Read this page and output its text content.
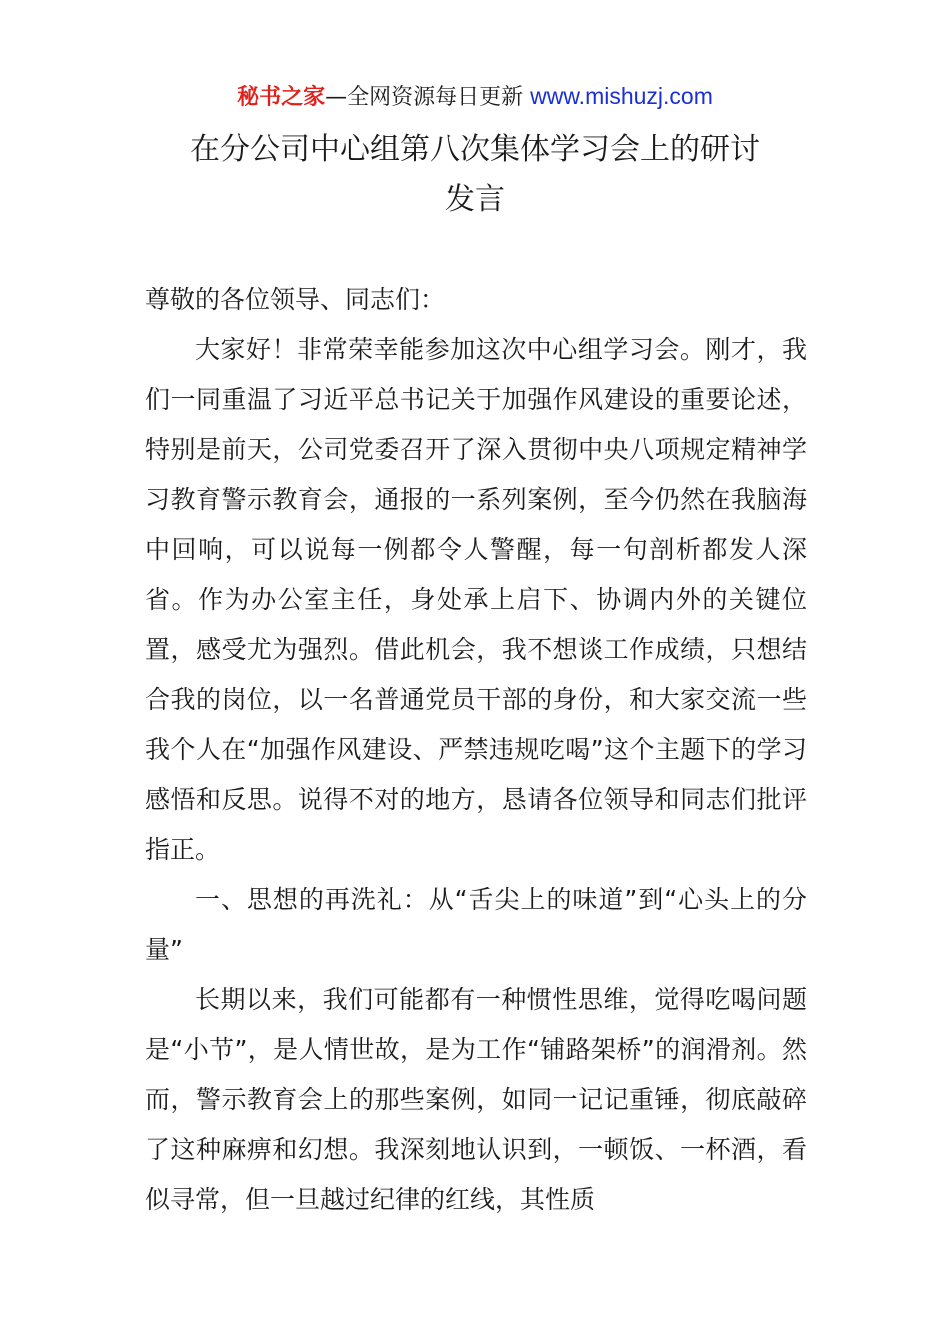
秘书之家—全网资源每日更新 www.mishuzj.com
在分公司中心组第八次集体学习会上的研讨
发言

尊敬的各位领导、同志们：

大家好！非常荣幸能参加这次中心组学习会。刚才，我们一同重温了习近平总书记关于加强作风建设的重要论述，特别是前天，公司党委召开了深入贯彻中央八项规定精神学习教育警示教育会，通报的一系列案例，至今仍然在我脑海中回响，可以说每一例都令人警醒，每一句剖析都发人深省。作为办公室主任，身处承上启下、协调内外的关键位置，感受尤为强烈。借此机会，我不想谈工作成绩，只想结合我的岗位，以一名普通党员干部的身份，和大家交流一些我个人在“加强作风建设、严禁违规吃喝”这个主题下的学习感悟和反思。说得不对的地方，恳请各位领导和同志们批评指正。

一、思想的再洗礼：从“舌尖上的味道”到“心头上的分量”

长期以来，我们可能都有一种惯性思维，觉得吃喝问题是“小节”，是人情世故，是为工作“铺路架桥”的润滑剂。然而，警示教育会上的那些案例，如同一记记重锤，彻底敲碎了这种麻痹和幻想。我深刻地认识到，一顿饭、一杯酒，看似寻常，但一旦越过纪律的红线，其性质
